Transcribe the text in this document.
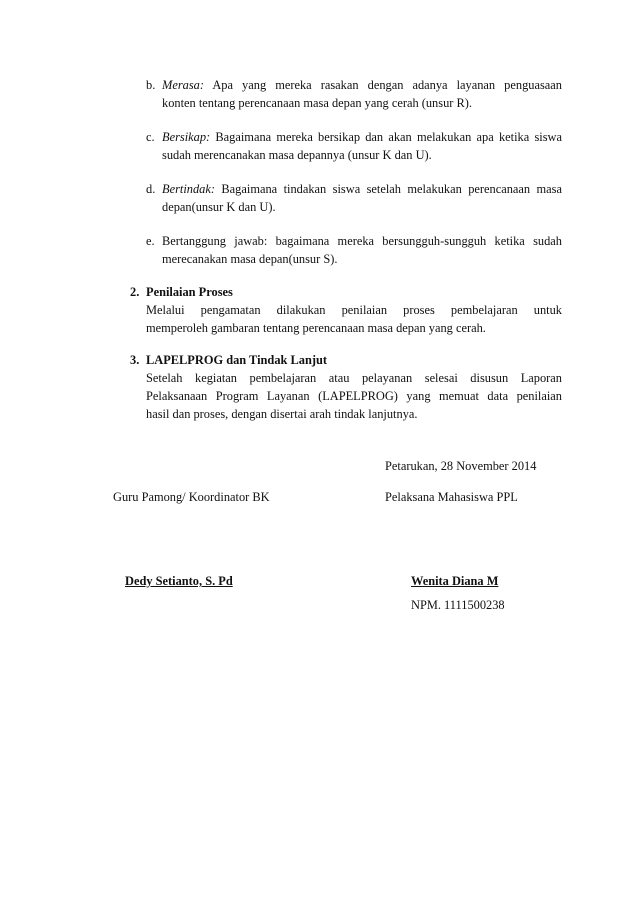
b. Merasa: Apa yang mereka rasakan dengan adanya layanan penguasaan
konten tentang perencanaan masa depan yang cerah (unsur R).
c. Bersikap: Bagaimana mereka bersikap dan akan melakukan apa ketika siswa
sudah merencanakan masa depannya (unsur K dan U).
d. Bertindak: Bagaimana tindakan siswa setelah melakukan perencanaan masa
depan(unsur K dan U).
e. Bertanggung jawab: bagaimana mereka bersungguh-sungguh ketika sudah
merecanakan masa depan(unsur S).
2. Penilaian Proses
Melalui pengamatan dilakukan penilaian proses pembelajaran untuk
memperoleh gambaran tentang perencanaan masa depan yang cerah.
3. LAPELPROG dan Tindak Lanjut
Setelah kegiatan pembelajaran atau pelayanan selesai disusun Laporan
Pelaksanaan Program Layanan (LAPELPROG) yang memuat data penilaian
hasil dan proses, dengan disertai arah tindak lanjutnya.
Petarukan, 28 November 2014
Guru Pamong/ Koordinator BK	Pelaksana Mahasiswa PPL
Dedy Setianto, S. Pd	Wenita Diana M
NPM. 1111500238
